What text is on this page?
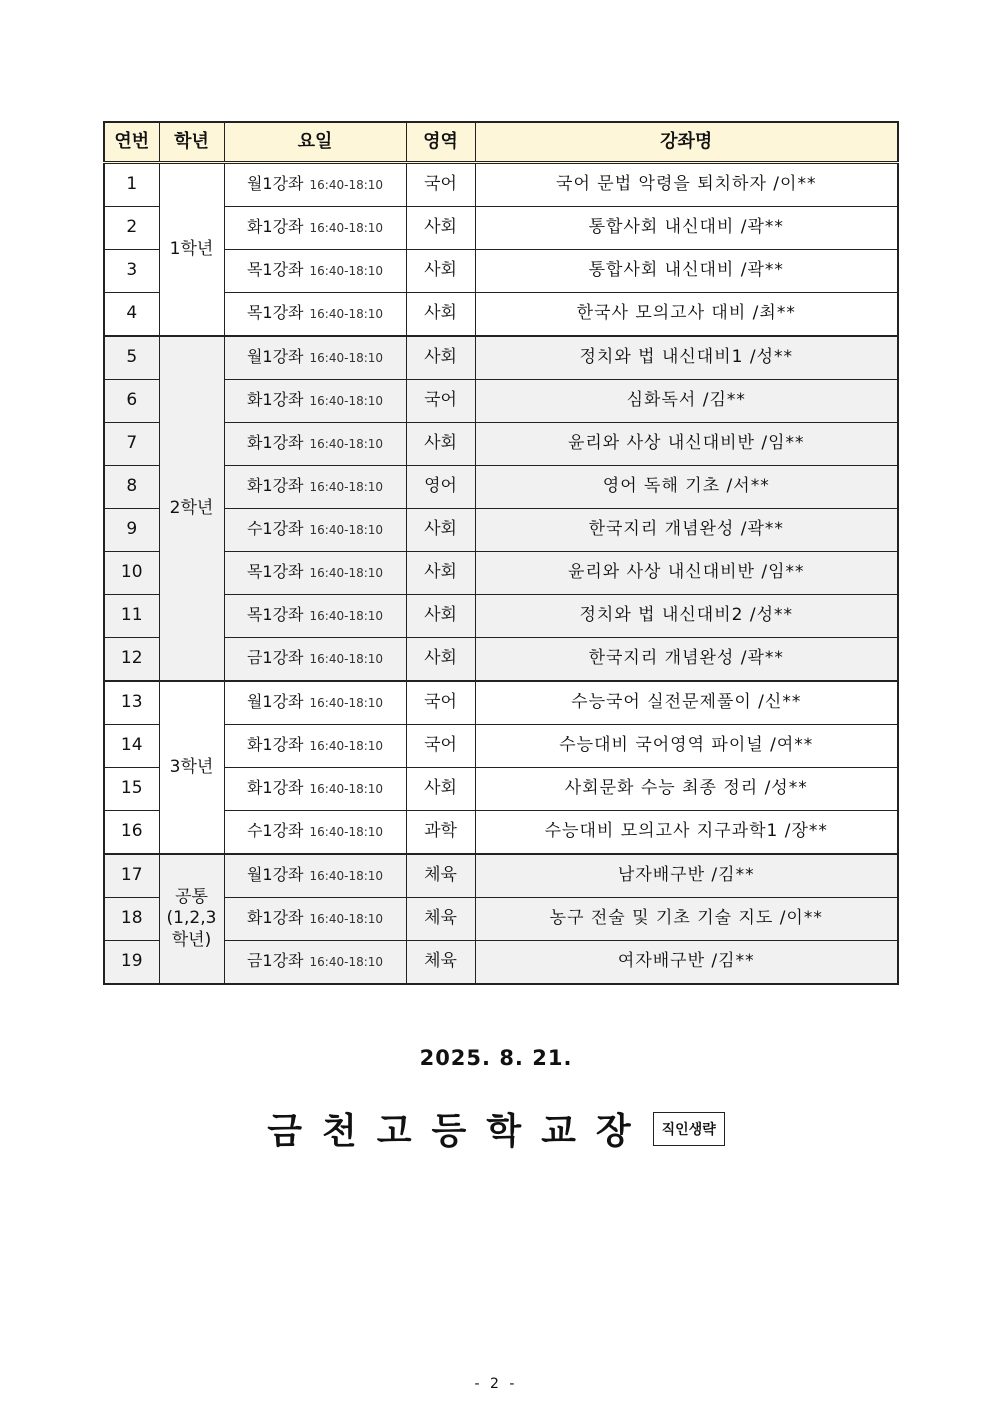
연번	학년	요일	영역	강좌명
1	1학년	월1강좌 16:40-18:10	국어	국어 문법 악령을 퇴치하자 /이**
2		화1강좌 16:40-18:10	사회	통합사회 내신대비 /곽**
3		목1강좌 16:40-18:10	사회	통합사회 내신대비 /곽**
4		목1강좌 16:40-18:10	사회	한국사 모의고사 대비 /최**
5	2학년	월1강좌 16:40-18:10	사회	정치와 법 내신대비1 /성**
6		화1강좌 16:40-18:10	국어	심화독서 /김**
7		화1강좌 16:40-18:10	사회	윤리와 사상 내신대비반 /임**
8		화1강좌 16:40-18:10	영어	영어 독해 기초 /서**
9		수1강좌 16:40-18:10	사회	한국지리 개념완성 /곽**
10		목1강좌 16:40-18:10	사회	윤리와 사상 내신대비반 /임**
11		목1강좌 16:40-18:10	사회	정치와 법 내신대비2 /성**
12		금1강좌 16:40-18:10	사회	한국지리 개념완성 /곽**
13	3학년	월1강좌 16:40-18:10	국어	수능국어 실전문제풀이 /신**
14		화1강좌 16:40-18:10	국어	수능대비 국어영역 파이널 /여**
15		화1강좌 16:40-18:10	사회	사회문화 수능 최종 정리 /성**
16		수1강좌 16:40-18:10	과학	수능대비 모의고사 지구과학1 /장**
17	공통 (1,2,3 학년)	월1강좌 16:40-18:10	체육	남자배구반 /김**
18		화1강좌 16:40-18:10	체육	농구 전술 및 기초 기술 지도 /이**
19		금1강좌 16:40-18:10	체육	여자배구반 /김**
2025. 8. 21.
금천고등학교장 직인생략
- 2 -
